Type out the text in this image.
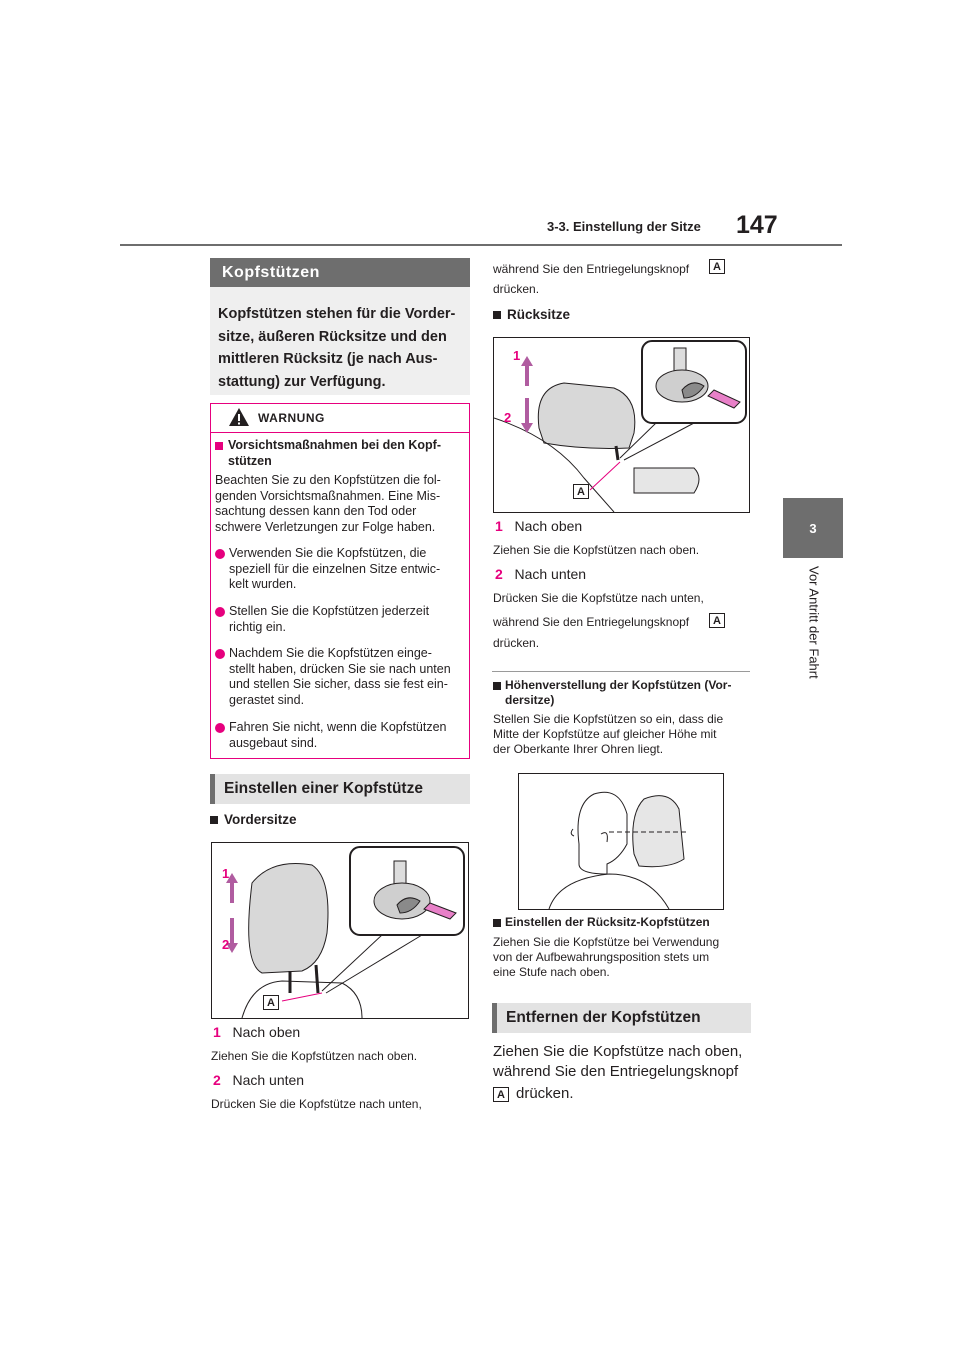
3-3. Einstellung der Sitze 147
3
Vor Antritt der Fahrt
Kopfstützen
Kopfstützen stehen für die Vorder-
sitze, äußeren Rücksitze und den
mittleren Rücksitz (je nach Aus-
stattung) zur Verfügung.
WARNUNG
Vorsichtsmaßnahmen bei den Kopf-
stützen
Beachten Sie zu den Kopfstützen die fol-
genden Vorsichtsmaßnahmen. Eine Mis-
sachtung dessen kann den Tod oder
schwere Verletzungen zur Folge haben.
Verwenden Sie die Kopfstützen, die
speziell für die einzelnen Sitze entwic-
kelt wurden.
Stellen Sie die Kopfstützen jederzeit
richtig ein.
Nachdem Sie die Kopfstützen einge-
stellt haben, drücken Sie sie nach unten
und stellen Sie sicher, dass sie fest ein-
gerastet sind.
Fahren Sie nicht, wenn die Kopfstützen
ausgebaut sind.
Einstellen einer Kopfstütze
Vordersitze
1
2
A
1 Nach oben
Ziehen Sie die Kopfstützen nach oben.
2 Nach unten
Drücken Sie die Kopfstütze nach unten,
während Sie den Entriegelungsknopf	A
drücken.
Rücksitze
1
2
A
1 Nach oben
Ziehen Sie die Kopfstützen nach oben.
2 Nach unten
Drücken Sie die Kopfstütze nach unten,
während Sie den Entriegelungsknopf	A
drücken.
Höhenverstellung der Kopfstützen (Vor-
dersitze)
Stellen Sie die Kopfstützen so ein, dass die
Mitte der Kopfstütze auf gleicher Höhe mit
der Oberkante Ihrer Ohren liegt.
Einstellen der Rücksitz-Kopfstützen
Ziehen Sie die Kopfstütze bei Verwendung
von der Aufbewahrungsposition stets um
eine Stufe nach oben.
Entfernen der Kopfstützen
Ziehen Sie die Kopfstütze nach oben,
während Sie den Entriegelungsknopf
A drücken.
